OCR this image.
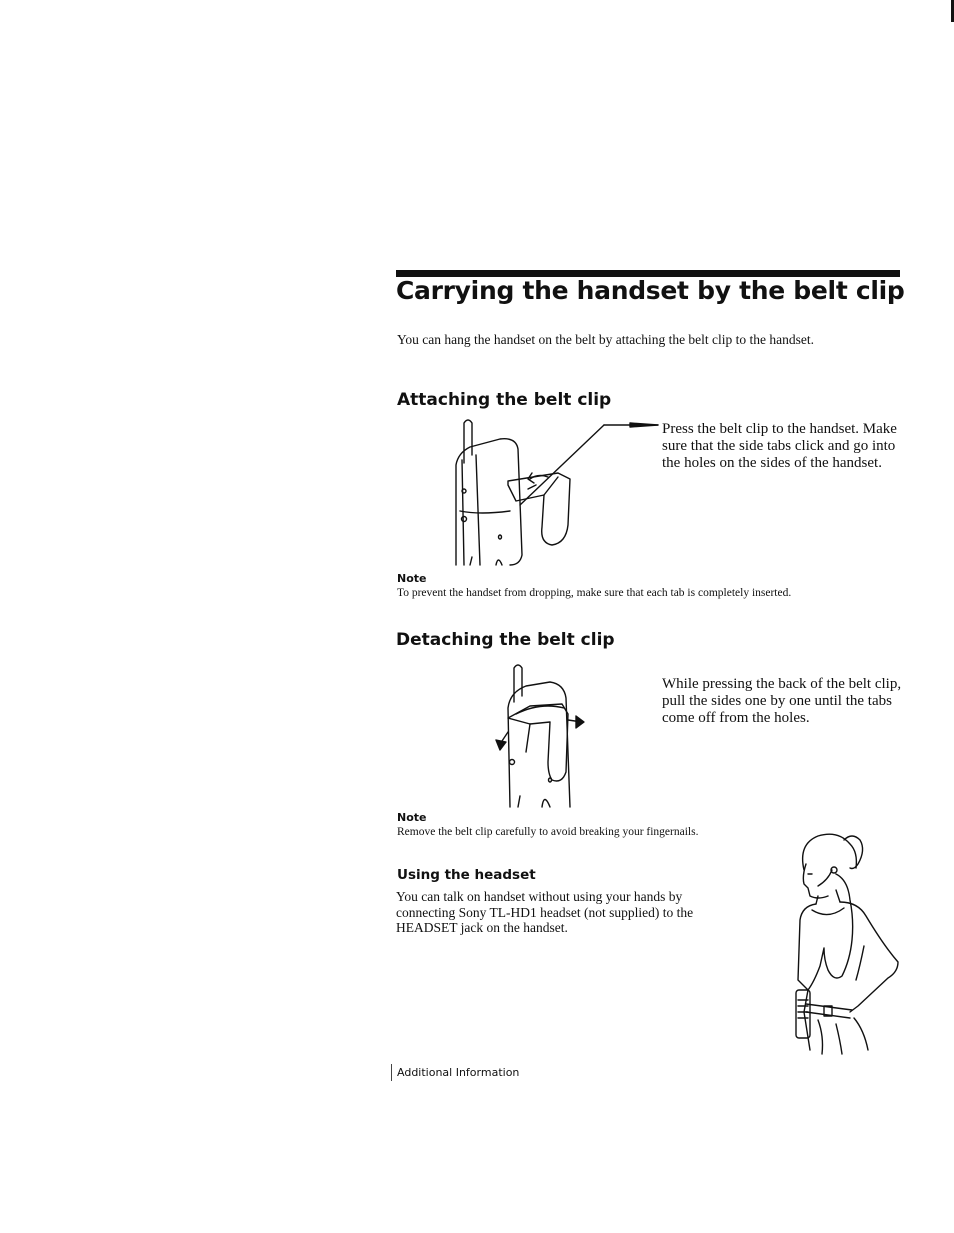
Carrying the handset by the belt clip
You can hang the handset on the belt by attaching the belt clip to the handset.
Attaching the belt clip
Press the belt clip to the handset. Make sure that the side tabs click and go into the holes on the sides of the handset.
Note
To prevent the handset from dropping, make sure that each tab is completely inserted.
Detaching the belt clip
While pressing the back of the belt clip, pull the sides one by one until the tabs come off from the holes.
Note
Remove the belt clip carefully to avoid breaking your fingernails.
Using the headset
You can talk on handset without using your hands by connecting Sony TL-HD1 headset (not supplied) to the HEADSET jack on the handset.
Additional Information
